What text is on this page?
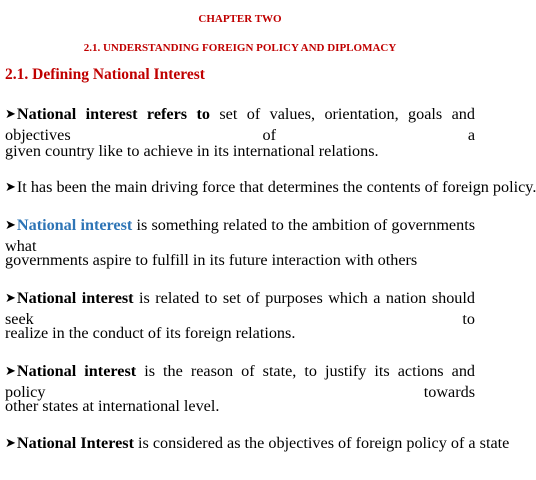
CHAPTER TWO
2.1. UNDERSTANDING FOREIGN POLICY AND DIPLOMACY
2.1. Defining National Interest
➤National interest refers to set of values, orientation, goals and objectives of a
given country like to achieve in its international relations.
➤It has been the main driving force that determines the contents of foreign policy.
➤National interest is something related to the ambition of governments what
governments aspire to fulfill in its future interaction with others
➤National interest is related to set of purposes which a nation should seek to
realize in the conduct of its foreign relations.
➤National interest is the reason of state, to justify its actions and policy towards
other states at international level.
➤National Interest is considered as the objectives of foreign policy of a state
